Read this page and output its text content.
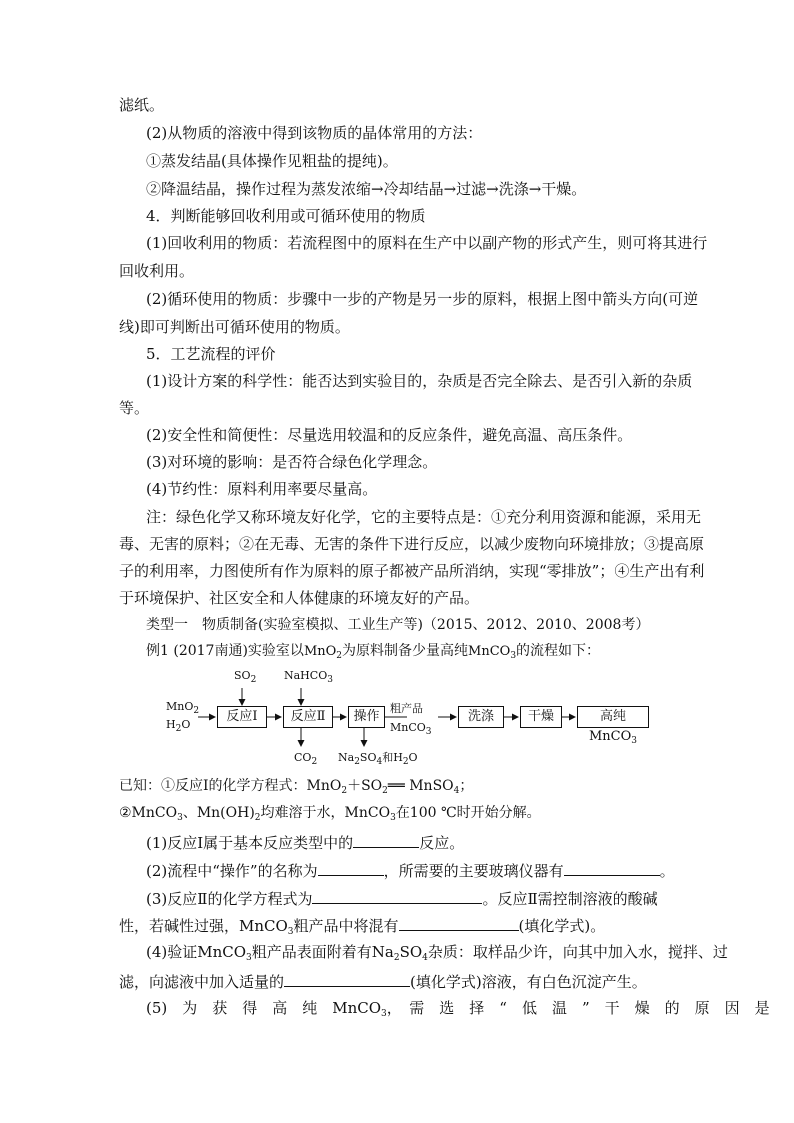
滤纸。
(2)从物质的溶液中得到该物质的晶体常用的方法：
①蒸发结晶(具体操作见粗盐的提纯)。
②降温结晶，操作过程为蒸发浓缩→冷却结晶→过滤→洗涤→干燥。
4．判断能够回收利用或可循环使用的物质
(1)回收利用的物质：若流程图中的原料在生产中以副产物的形式产生，则可将其进行
回收利用。
(2)循环使用的物质：步骤中一步的产物是另一步的原料，根据上图中箭头方向(可逆
线)即可判断出可循环使用的物质。
5．工艺流程的评价
(1)设计方案的科学性：能否达到实验目的，杂质是否完全除去、是否引入新的杂质
等。
(2)安全性和简便性：尽量选用较温和的反应条件，避免高温、高压条件。
(3)对环境的影响：是否符合绿色化学理念。
(4)节约性：原料利用率要尽量高。
注：绿色化学又称环境友好化学，它的主要特点是：①充分利用资源和能源，采用无
毒、无害的原料；②在无毒、无害的条件下进行反应，以减少废物向环境排放；③提高原
子的利用率，力图使所有作为原料的原子都被产品所消纳，实现“零排放”；④生产出有利
于环境保护、社区安全和人体健康的环境友好的产品。
类型一　物质制备(实验室模拟、工业生产等)（2015、2012、2010、2008考）
例1 (2017南通)实验室以MnO$_2$为原料制备少量高纯MnCO$_3$的流程如下：
MnO$_2$
$H_2O$
$SO_2$	NaHCO$_3$
反应Ⅰ	反应Ⅱ	操作
粗产品
MnCO$_3$
洗涤	干燥	高纯MnCO$_3$
$CO_2$ $Na_2SO_4$和$H_2O$
已知：①反应Ⅰ的化学方程式：$MnO_2+SO_2══$ MnSO$_4$；
②MnCO$_3$、$Mn(OH)_2$均难溶于水，MnCO$_3$在100 ℃时开始分解。
(1)反应Ⅰ属于基本反应类型中的	反应。
(2)流程中“操作”的名称为	，所需要的主要玻璃仪器有	。
(3)反应Ⅱ的化学方程式为	。反应Ⅱ需控制溶液的酸碱
性，若碱性过强，MnCO$_3$粗产品中将混有	(填化学式)。
(4)验证MnCO$_3$粗产品表面附着有$Na_2SO_4$杂质：取样品少许，向其中加入水，搅拌、过
滤，向滤液中加入适量的	(填化学式)溶液，有白色沉淀产生。
(5)　为　获　得　高　纯　MnCO$_3$，　需　选　择　“　低　温　”　干　燥　的　原　因　是
